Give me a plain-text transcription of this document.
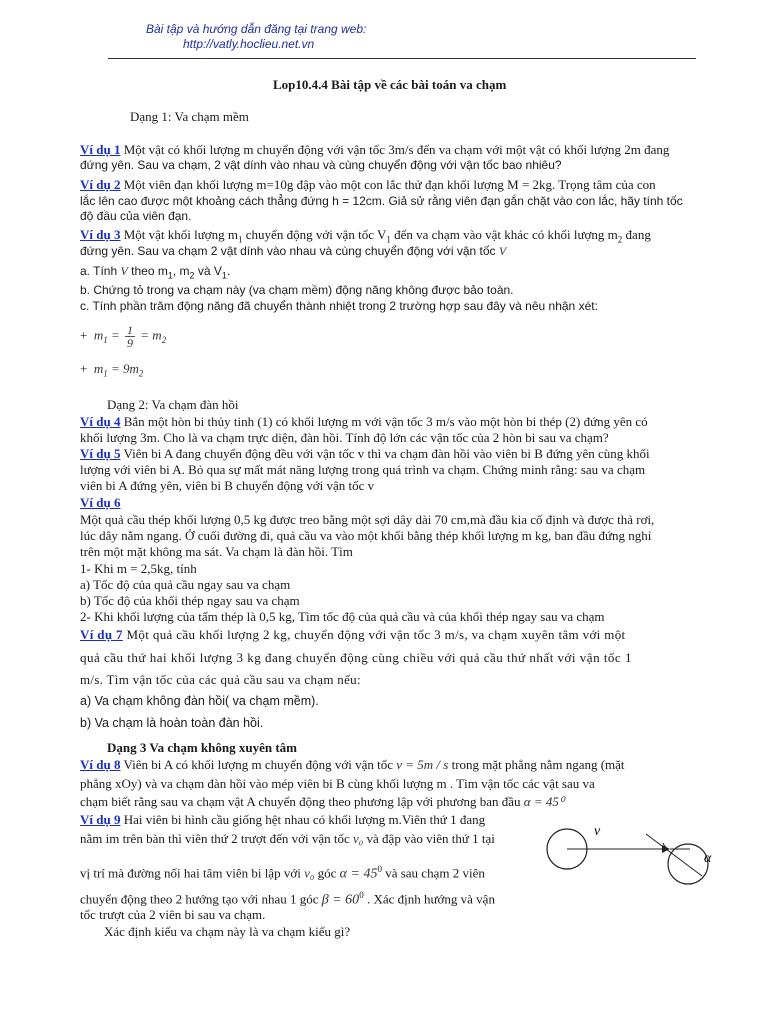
Bài tập và hướng dẫn đăng tại trang web:
http://vatly.hoclieu.net.vn
Lop10.4.4 Bài tập về các bài toán va chạm
Dạng 1: Va chạm mềm
Ví dụ 1 Một vật có khối lượng m chuyển động với vận tốc 3m/s đến va chạm với một vật có khối lượng 2m đang
đứng yên. Sau va chạm, 2 vật dính vào nhau và cùng chuyển động với vận tốc bao nhiêu?
Ví dụ 2 Một viên đạn khối lượng m=10g đập vào một con lắc thử đạn khối lượng M = 2kg. Trọng tâm của con
lắc lên cao được một khoảng cách thẳng đứng h = 12cm. Giả sử rằng viên đạn gắn chặt vào con lắc, hãy tính tốc
độ đầu của viên đạn.
Ví dụ 3 Một vật khối lượng $m_1$ chuyển động với vận tốc $V_1$ đến va chạm vào vật khác có khối lượng $m_2$ đang
đứng yên. Sau va chạm 2 vật dính vào nhau và cùng chuyển động với vận tốc V
a. Tính V theo $m_1$, $m_2$ và $V_1$.
b. Chứng tỏ trong va chạm này (va chạm mềm) động năng không được bảo toàn.
c. Tính phần trăm động năng đã chuyển thành nhiệt trong 2 trường hợp sau đây và nêu nhận xét:
+ $m_1 = \frac{1}{9} = m_2$
+ $m_1 = 9m_2$
Dạng 2: Va chạm đàn hồi
Ví dụ 4 Bắn một hòn bi thủy tinh (1) có khối lượng m với vận tốc 3 m/s vào một hòn bi thép (2) đứng yên có
khối lượng 3m. Cho là va chạm trực diện, đàn hồi. Tính độ lớn các vận tốc của 2 hòn bi sau va chạm?
Ví dụ 5 Viên bi A đang chuyển động đều với vận tốc v thì va chạm đàn hồi vào viên bi B đứng yên cùng khối
lượng với viên bi A. Bỏ qua sự mất mát năng lượng trong quá trình va chạm. Chứng minh rằng: sau va chạm
viên bi A đứng yên, viên bi B chuyển động với vận tốc v
Ví dụ 6
Một quả cầu thép khối lượng 0,5 kg được treo bằng một sợi dây dài 70 cm,mà đầu kia cố định và được thả rơi,
lúc dây nằm ngang. Ở cuối đường đi, quả cầu va vào một khối bằng thép khối lượng m kg, ban đầu đứng nghỉ
trên một mặt không ma sát. Va chạm là đàn hồi. Tìm
1- Khi m = 2,5kg, tính
a) Tốc độ của quả cầu ngay sau va chạm
b) Tốc độ của khối thép ngay sau va chạm
2- Khi khối lượng của tấm thép là 0,5 kg, Tìm tốc độ của quả cầu và của khối thép ngay sau va chạm
Ví dụ 7 Một quả cầu khối lượng 2 kg, chuyển động với vận tốc 3 m/s, va chạm xuyên tâm với một
quả cầu thứ hai khối lượng 3 kg đang chuyển động cùng chiều với quả cầu thứ nhất với vận tốc 1
m/s. Tìm vận tốc của các quả cầu sau va chạm nếu:
a) Va chạm không đàn hồi( va chạm mềm).
b) Va chạm là hoàn toàn đàn hồi.
Dạng 3 Va chạm không xuyên tâm
Ví dụ 8 Viên bi A có khối lượng m chuyển động với vận tốc v = 5m / s trong mặt phẳng nằm ngang (mặt
phẳng xOy) và va chạm đàn hồi vào mép viên bi B cùng khối lượng m . Tìm vận tốc các vật sau va
chạm biết rằng sau va chạm vật A chuyển động theo phương lập với phương ban đầu α = 45⁰
Ví dụ 9 Hai viên bi hình cầu giống hệt nhau có khối lượng m.Viên thứ 1 đang
nằm im trên bàn thì viên thứ 2 trượt đến với vận tốc v₀ và đập vào viên thứ 1 tại
vị trí mà đường nối hai tâm viên bi lập với v₀ góc $\alpha = 45^0$ và sau chạm 2 viên
chuyển động theo 2 hướng tạo với nhau 1 góc $\beta = 60^0$ . Xác định hướng và vận
tốc trượt của 2 viên bi sau va chạm.
Xác định kiểu va chạm này là va chạm kiểu gì?
v
α
